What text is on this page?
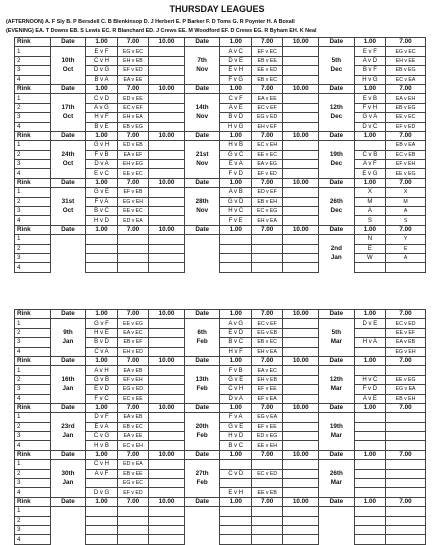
THURSDAY LEAGUES
(AFTERNOON) A. F Sly B. P Bersdell C. B Blenkinsop D. J Herbert E. P Barker F. D Toms G. R Poynter H. A Boxall
(EVENING) EA. T Downs EB. S Lewis EC. R Blanchard ED. J Crews EE. M Woodford EF. D Crews EG. R Byham EH. K Neal
Rink	Date	1.00	7.00	10.00	Date	1.00	7.00	10.00	Date	1.00	7.00
1		E v F	EG v EC			A v C	EF v EC			E v F	EG v EC
2	10th	C v H	EH v EB		7th	D v E	EB v EE		5th	A v D	EH v EE
3	Oct	D v G	EF v ED		Nov	E v H	EE v ED		Dec	B v F	EB v EG
4		B v A	EA v EE			F v G	EB v EC			H v G	EC v EA
Rink	Date	1.00	7.00	10.00	Date	1.00	7.00	10.00	Date	1.00	7.00
1		C v D	ED v EE			C v F	EA v EE			E v B	EA v EH
2	17th	A v G	EC v EF		14th	A v E	EC v EF		12th	F v H	EB v EG
3	Oct	H v F	EH v EA		Nov	B v D	EG v ED		Dec	G v A	EE v EC
4		B v E	EB v EG			H v G	EH v EF			D v C	EF v ED
Rink	Date	1.00	7.00	10.00	Date	1.00	7.00	10.00	Date	1.00	7.00
1		G v H	ED v EB			H v B	EC v EH				EB v EA
2	24th	F v B	EA v EF		21st	G v C	EE v EC		19th	C v B	EC v EB
3	Oct	D v A	EH v EG		Nov	E v A	EA v EG		Dec	A v F	EF v EH
4		E v C	EE v EC			F v D	EF v ED			E v G	EE v EG
Rink	Date	1.00	7.00	10.00	Date	1.00	7.00	10.00	Date	1.00	7.00
1		G v E	EF v EB			A v B	ED v EF			X	X
2	31st	F v A	EG v EH		28th	G v D	EB v EH		26th	M	M
3	Oct	B v C	EE v EC		Nov	H v C	EC v EG		Dec	A	A
4		H v D	ED v EA			F v E	EH v EA			S	S
Rink	Date	1.00	7.00	10.00	Date	1.00	7.00	10.00	Date	1.00	7.00
1										N	Y
2									2nd	E	E
3									Jan	W	A
4											
Rink	Date	1.00	7.00	10.00	Date	1.00	7.00	10.00	Date	1.00	7.00
1		G v F	EE v EG			A v G	EC v EF			D v E	EC v ED
2	9th	H v E	EA v EC		6th	E v D	EG v EB		5th		EE v EF
3	Jan	B v D	EB v EF		Feb	B v C	EB v EC		Mar	H v A	EA v EB
4		C v A	EH v ED			H v F	EH v EA				EG v EH
Rink	Date	1.00	7.00	10.00	Date	1.00	7.00	10.00	Date	1.00	7.00
1		A v H	EA v EB			F v B	EA v EC				
2	16th	G v B	EF v EH		13th	G v E	EH v EB		12th	H v C	EE v EG
3	Jan	E v D	EG v ED		Feb	C v H	EF v EE		Mar	F v D	EG v EA
4		F v C	EC v EE			D v A	EF v EA			A v E	EB v EH
Rink	Date	1.00	7.00	10.00	Date	1.00	7.00	10.00	Date	1.00	7.00
1		D v F	EA v EB			F v A	EG v EA				
2	23rd	E v A	EB v EC		20th	G v E	EF v EE		19th		
3	Jan	C v G	EA v EE		Feb	H v D	ED v EG		Mar		
4		H v B	EC v EH			B v C	EE v EH				
Rink	Date	1.00	7.00	10.00	Date	1.00	7.00	10.00	Date	1.00	7.00
1		C v H	ED v EA								
2	30th	A v F	EB v EE		27th	C v D	EC v ED		26th		
3	Jan		EG v EC		Feb				Mar		
4		D v G	EF v ED			E v H	EE v EB				
Rink	Date	1.00	7.00	10.00	Date	1.00	7.00	10.00	Date	1.00	7.00
1											
2											
3											
4											
